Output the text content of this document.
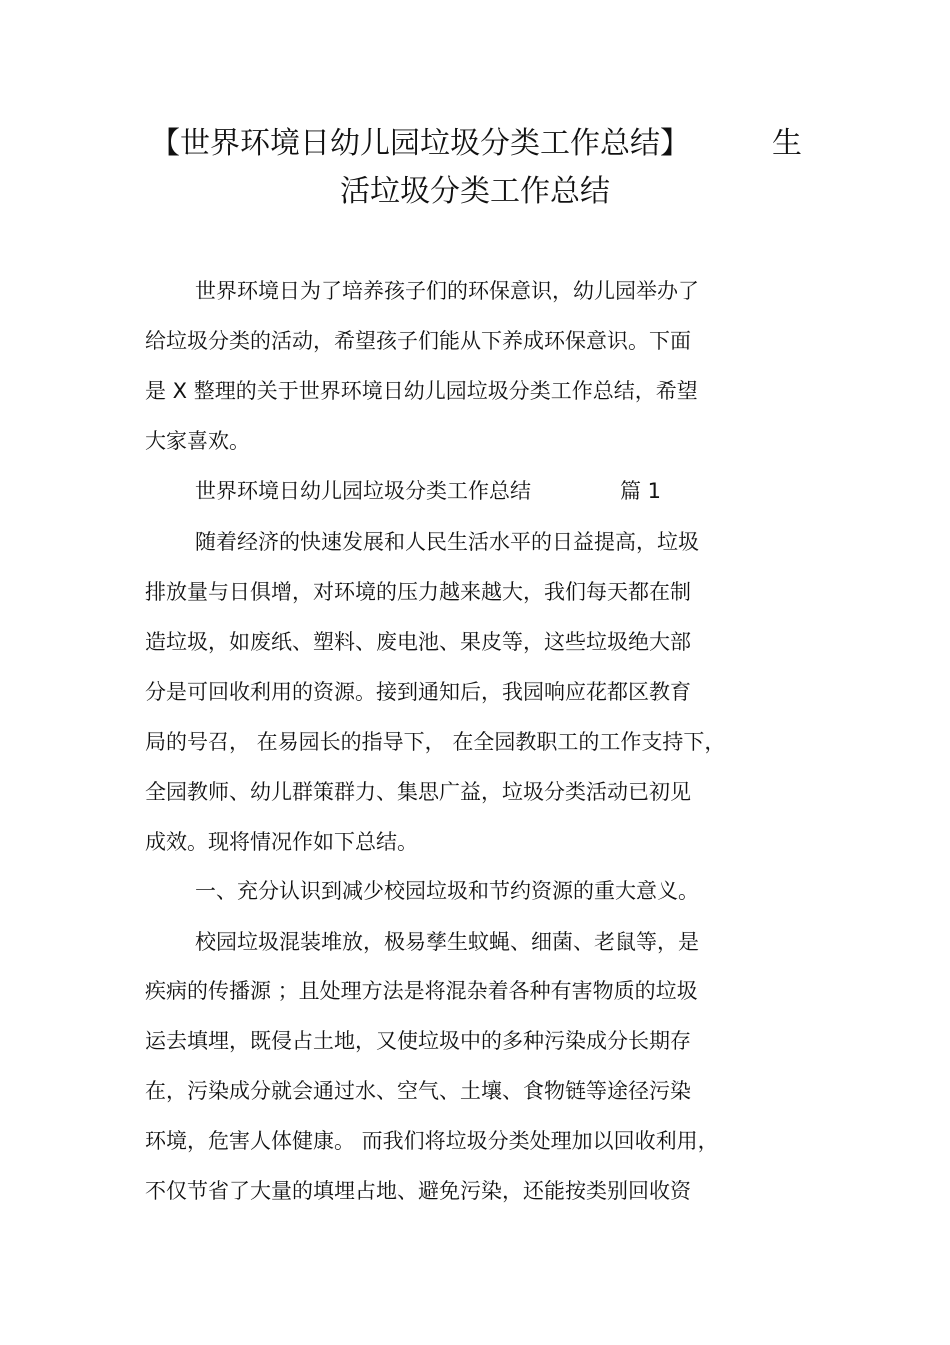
【世界环境日幼儿园垃圾分类工作总结】	生
活垃圾分类工作总结
世界环境日为了培养孩子们的环保意识，幼儿园举办了
给垃圾分类的活动，希望孩子们能从下养成环保意识。下面
是 X 整理的关于世界环境日幼儿园垃圾分类工作总结，希望
大家喜欢。
世界环境日幼儿园垃圾分类工作总结	篇 1
随着经济的快速发展和人民生活水平的日益提高，垃圾
排放量与日俱增，对环境的压力越来越大，我们每天都在制
造垃圾，如废纸、塑料、废电池、果皮等，这些垃圾绝大部
分是可回收利用的资源。接到通知后，我园响应花都区教育
局的号召， 在易园长的指导下， 在全园教职工的工作支持下，
全园教师、幼儿群策群力、集思广益，垃圾分类活动已初见
成效。现将情况作如下总结。
一、充分认识到减少校园垃圾和节约资源的重大意义。
校园垃圾混装堆放，极易孳生蚊蝇、细菌、老鼠等，是
疾病的传播源 ；且处理方法是将混杂着各种有害物质的垃圾
运去填埋，既侵占土地，又使垃圾中的多种污染成分长期存
在，污染成分就会通过水、空气、土壤、食物链等途径污染
环境，危害人体健康。 而我们将垃圾分类处理加以回收利用，
不仅节省了大量的填埋占地、避免污染，还能按类别回收资
